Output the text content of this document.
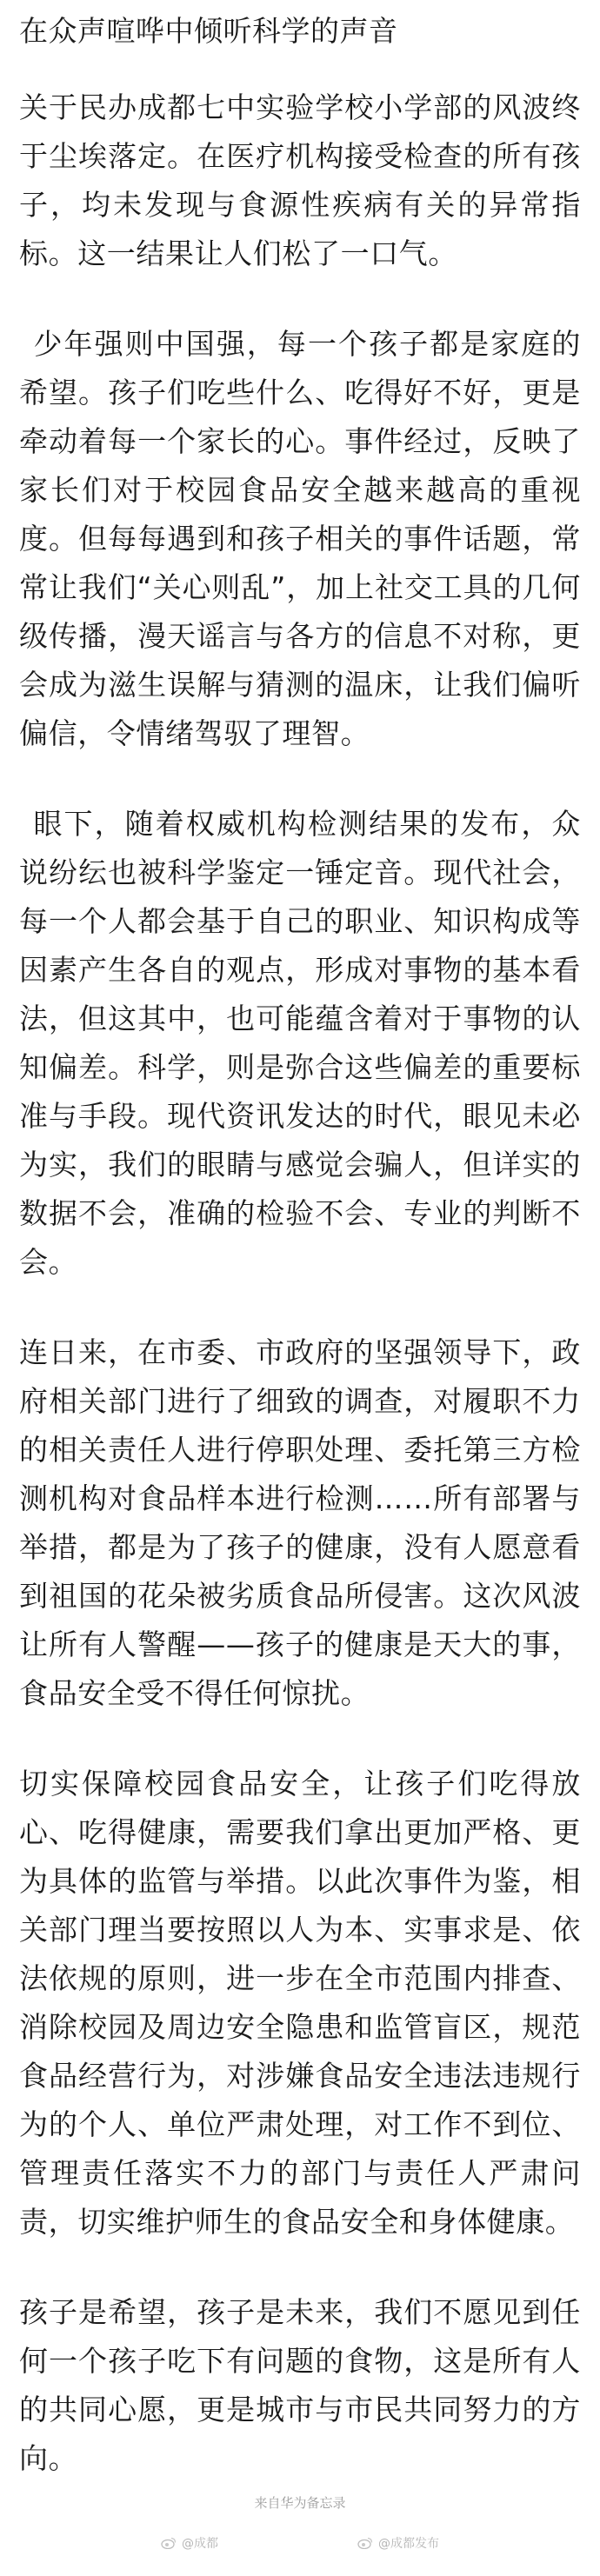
在众声喧哗中倾听科学的声音

关于民办成都七中实验学校小学部的风波终于尘埃落定。在医疗机构接受检查的所有孩子，均未发现与食源性疾病有关的异常指标。这一结果让人们松了一口气。

少年强则中国强，每一个孩子都是家庭的希望。孩子们吃些什么、吃得好不好，更是牵动着每一个家长的心。事件经过，反映了家长们对于校园食品安全越来越高的重视度。但每每遇到和孩子相关的事件话题，常常让我们“关心则乱”，加上社交工具的几何级传播，漫天谣言与各方的信息不对称，更会成为滋生误解与猜测的温床，让我们偏听偏信，令情绪驾驭了理智。

眼下，随着权威机构检测结果的发布，众说纷纭也被科学鉴定一锤定音。现代社会，每一个人都会基于自己的职业、知识构成等因素产生各自的观点，形成对事物的基本看法，但这其中，也可能蕴含着对于事物的认知偏差。科学，则是弥合这些偏差的重要标准与手段。现代资讯发达的时代，眼见未必为实，我们的眼睛与感觉会骗人，但详实的数据不会，准确的检验不会、专业的判断不会。

连日来，在市委、市政府的坚强领导下，政府相关部门进行了细致的调查，对履职不力的相关责任人进行停职处理、委托第三方检测机构对食品样本进行检测……所有部署与举措，都是为了孩子的健康，没有人愿意看到祖国的花朵被劣质食品所侵害。这次风波让所有人警醒——孩子的健康是天大的事，食品安全受不得任何惊扰。

切实保障校园食品安全，让孩子们吃得放心、吃得健康，需要我们拿出更加严格、更为具体的监管与举措。以此次事件为鉴，相关部门理当要按照以人为本、实事求是、依法依规的原则，进一步在全市范围内排查、消除校园及周边安全隐患和监管盲区，规范食品经营行为，对涉嫌食品安全违法违规行为的个人、单位严肃处理，对工作不到位、管理责任落实不力的部门与责任人严肃问责，切实维护师生的食品安全和身体健康。

孩子是希望，孩子是未来，我们不愿见到任何一个孩子吃下有问题的食物，这是所有人的共同心愿，更是城市与市民共同努力的方向。

来自华为备忘录
@成都	@成都发布
